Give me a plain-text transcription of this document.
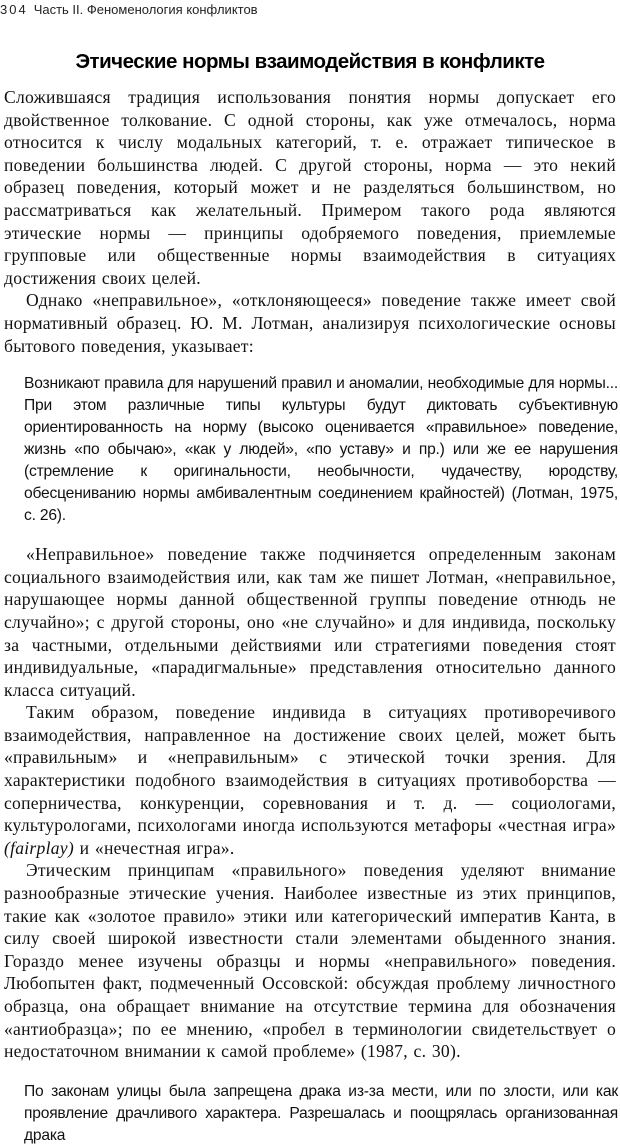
304 Часть II. Феноменология конфликтов
Этические нормы взаимодействия в конфликте

Сложившаяся традиция использования понятия нормы допускает его двойственное толкование. С одной стороны, как уже отмечалось, норма относится к числу модальных категорий, т. е. отражает типическое в поведении большинства людей. С другой стороны, норма — это некий образец поведения, который может и не разделяться большинством, но рассматриваться как желательный. Примером такого рода являются этические нормы — принципы одобряемого поведения, приемлемые групповые или общественные нормы взаимодействия в ситуациях достижения своих целей.

Однако «неправильное», «отклоняющееся» поведение также имеет свой нормативный образец. Ю. М. Лотман, анализируя психологические основы бытового поведения, указывает:

Возникают правила для нарушений правил и аномалии, необходимые для нормы... При этом различные типы культуры будут диктовать субъективную ориентированность на норму (высоко оценивается «правильное» поведение, жизнь «по обычаю», «как у людей», «по уставу» и пр.) или же ее нарушения (стремление к оригинальности, необычности, чудачеству, юродству, обесцениванию нормы амбивалентным соединением крайностей) (Лотман, 1975, с. 26).

«Неправильное» поведение также подчиняется определенным законам социального взаимодействия или, как там же пишет Лотман, «неправильное, нарушающее нормы данной общественной группы поведение отнюдь не случайно»; с другой стороны, оно «не случайно» и для индивида, поскольку за частными, отдельными действиями или стратегиями поведения стоят индивидуальные, «парадигмальные» представления относительно данного класса ситуаций.

Таким образом, поведение индивида в ситуациях противоречивого взаимодействия, направленное на достижение своих целей, может быть «правильным» и «неправильным» с этической точки зрения. Для характеристики подобного взаимодействия в ситуациях противоборства — соперничества, конкуренции, соревнования и т. д. — социологами, культурологами, психологами иногда используются метафоры «честная игра» (fairplay) и «нечестная игра».

Этическим принципам «правильного» поведения уделяют внимание разнообразные этические учения. Наиболее известные из этих принципов, такие как «золотое правило» этики или категорический императив Канта, в силу своей широкой известности стали элементами обыденного знания. Гораздо менее изучены образцы и нормы «неправильного» поведения. Любопытен факт, подмеченный Оссовской: обсуждая проблему личностного образца, она обращает внимание на отсутствие термина для обозначения «антиобразца»; по ее мнению, «пробел в терминологии свидетельствует о недостаточном внимании к самой проблеме» (1987, с. 30).

По законам улицы была запрещена драка из-за мести, или по злости, или как проявление драчливого характера. Разрешалась и поощрялась организованная драка
